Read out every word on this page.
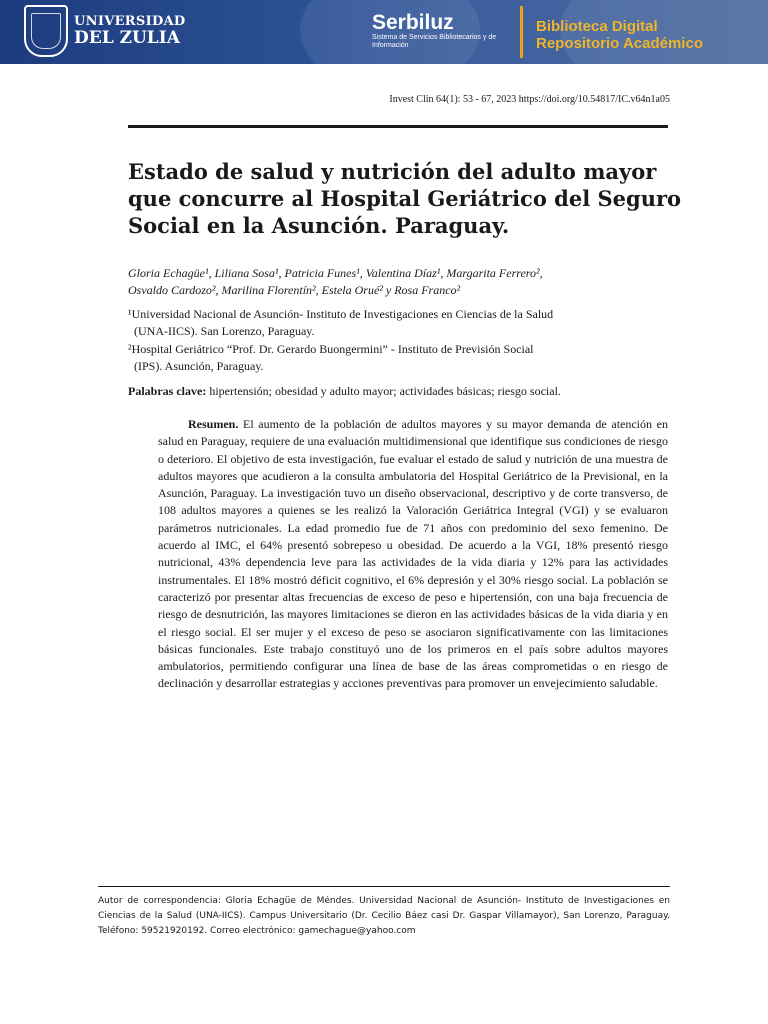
UNIVERSIDAD
DEL ZULIA
Serbiluz
Sistema de Servicios Bibliotecarios y de Información
Biblioteca Digital
Repositorio Académico
Invest Clin 64(1): 53 - 67, 2023 https://doi.org/10.54817/IC.v64n1a05
Estado de salud y nutrición del adulto mayor que concurre al Hospital Geriátrico del Seguro Social en la Asunción. Paraguay.
Gloria Echagüe¹, Liliana Sosa¹, Patricia Funes¹, Valentina Díaz¹, Margarita Ferrero²,
Osvaldo Cardozo², Marilina Florentín², Estela Orué² y Rosa Franco²
¹Universidad Nacional de Asunción- Instituto de Investigaciones en Ciencias de la Salud
(UNA-IICS). San Lorenzo, Paraguay.
²Hospital Geriátrico “Prof. Dr. Gerardo Buongermini” - Instituto de Previsión Social
(IPS). Asunción, Paraguay.
Palabras clave: hipertensión; obesidad y adulto mayor; actividades básicas; riesgo social.
Resumen. El aumento de la población de adultos mayores y su mayor demanda de atención en salud en Paraguay, requiere de una evaluación multidimensional que identifique sus condiciones de riesgo o deterioro. El objetivo de esta investigación, fue evaluar el estado de salud y nutrición de una muestra de adultos mayores que acudieron a la consulta ambulatoria del Hospital Geriátrico de la Previsional, en la Asunción, Paraguay. La investigación tuvo un diseño observacional, descriptivo y de corte transverso, de 108 adultos mayores a quienes se les realizó la Valoración Geriátrica Integral (VGI) y se evaluaron parámetros nutricionales. La edad promedio fue de 71 años con predominio del sexo femenino. De acuerdo al IMC, el 64% presentó sobrepeso u obesidad. De acuerdo a la VGI, 18% presentó riesgo nutricional, 43% dependencia leve para las actividades de la vida diaria y 12% para las actividades instrumentales. El 18% mostró déficit cognitivo, el 6% depresión y el 30% riesgo social. La población se caracterizó por presentar altas frecuencias de exceso de peso e hipertensión, con una baja frecuencia de riesgo de desnutrición, las mayores limitaciones se dieron en las actividades básicas de la vida diaria y en el riesgo social. El ser mujer y el exceso de peso se asociaron significativamente con las limitaciones básicas funcionales. Este trabajo constituyó uno de los primeros en el país sobre adultos mayores ambulatorios, permitiendo configurar una línea de base de las áreas comprometidas o en riesgo de declinación y desarrollar estrategias y acciones preventivas para promover un envejecimiento saludable.
Autor de correspondencia: Gloria Echagüe de Méndes. Universidad Nacional de Asunción- Instituto de Investigaciones en Ciencias de la Salud (UNA-IICS). Campus Universitario (Dr. Cecilio Báez casi Dr. Gaspar Villamayor), San Lorenzo, Paraguay. Teléfono: 59521920192. Correo electrónico: gamechague@yahoo.com
